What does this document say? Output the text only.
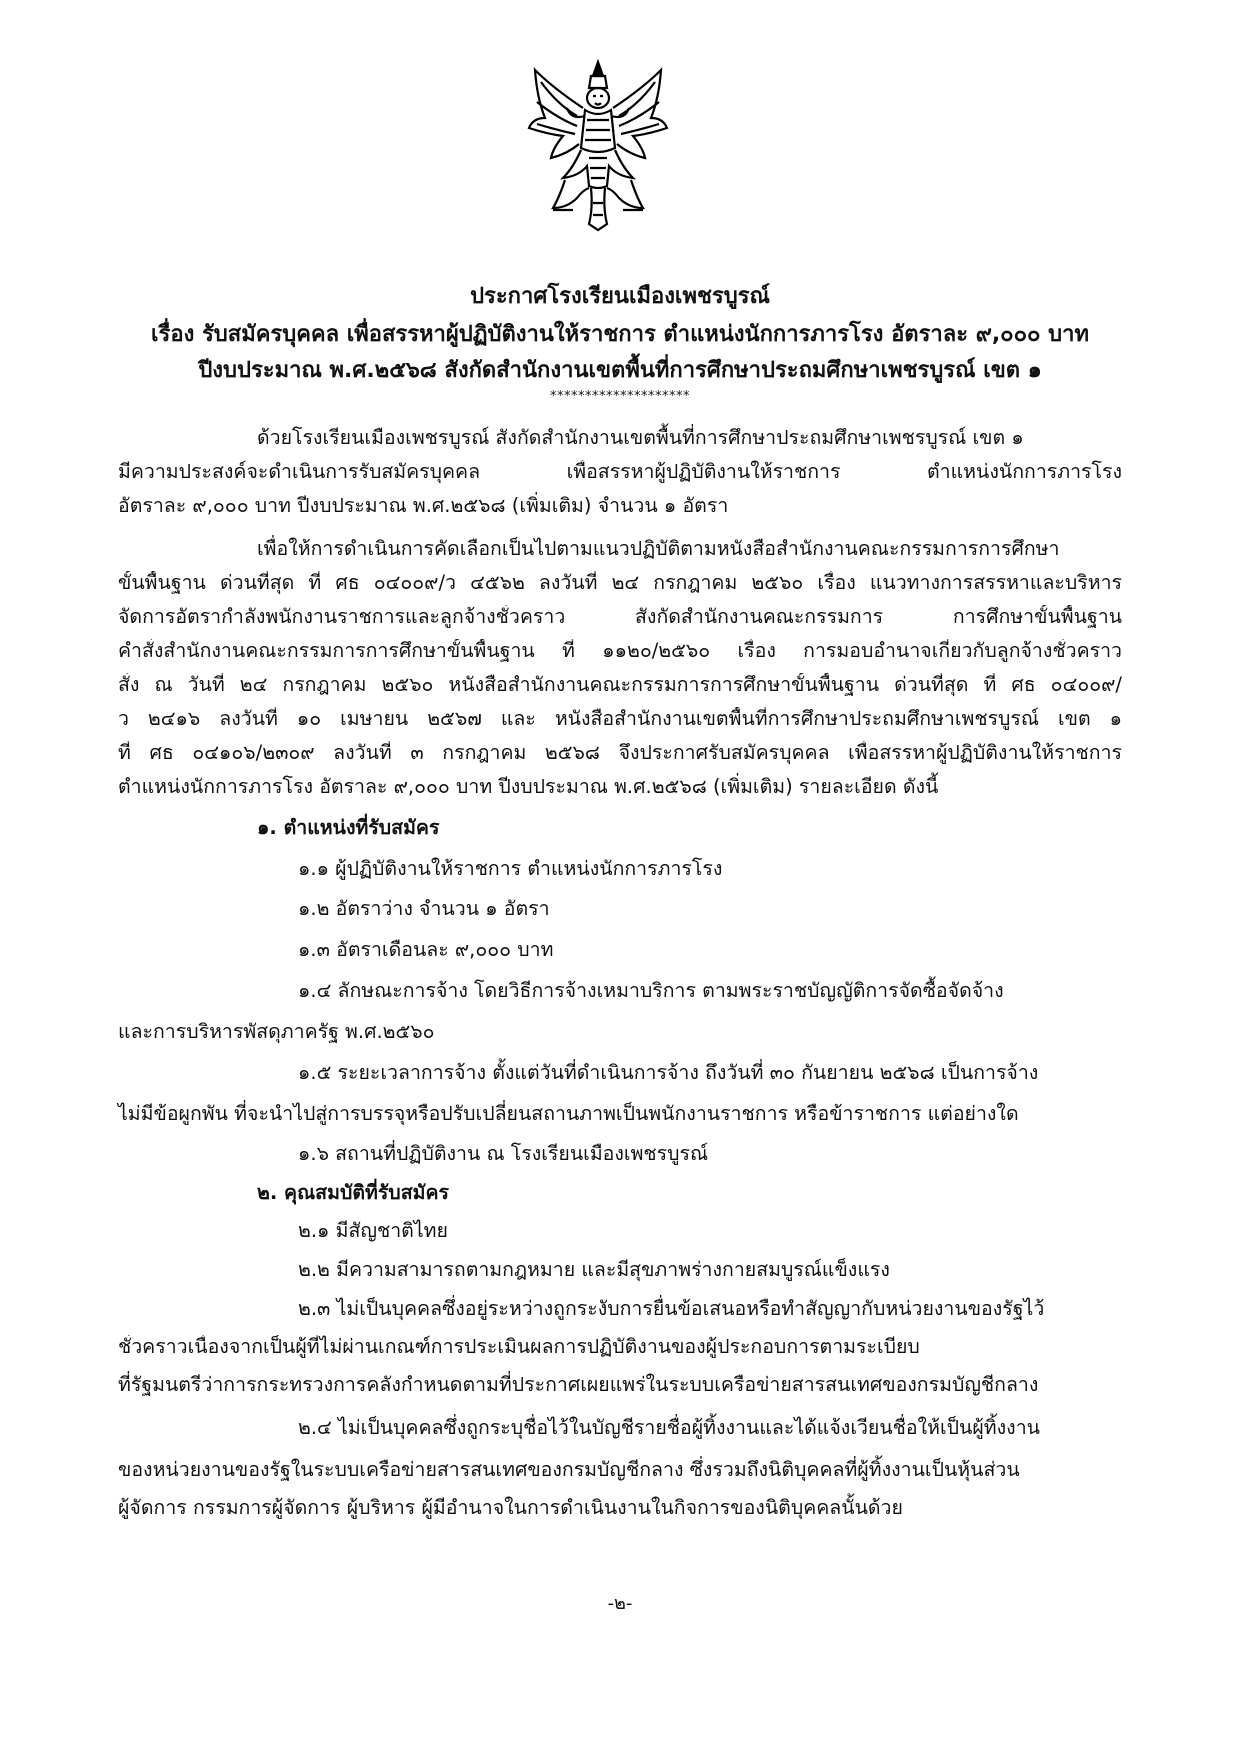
ประกาศโรงเรียนเมืองเพชรบูรณ์
เรื่อง รับสมัครบุคคล เพื่อสรรหาผู้ปฏิบัติงานให้ราชการ ตำแหน่งนักการภารโรง อัตราละ ๙,๐๐๐ บาท
ปีงบประมาณ พ.ศ.๒๕๖๘ สังกัดสำนักงานเขตพื้นที่การศึกษาประถมศึกษาเพชรบูรณ์ เขต ๑
********************
ด้วยโรงเรียนเมืองเพชรบูรณ์ สังกัดสำนักงานเขตพื้นที่การศึกษาประถมศึกษาเพชรบูรณ์ เขต ๑
มีความประสงค์จะดำเนินการรับสมัครบุคคล เพื่อสรรหาผู้ปฏิบัติงานให้ราชการ ตำแหน่งนักการภารโรง
อัตราละ ๙,๐๐๐ บาท ปีงบประมาณ พ.ศ.๒๕๖๘ (เพิ่มเติม) จำนวน ๑ อัตรา
เพื่อให้การดำเนินการคัดเลือกเป็นไปตามแนวปฏิบัติตามหนังสือสำนักงานคณะกรรมการการศึกษา
ขั้นพื้นฐาน ด่วนที่สุด ที่ ศธ ๐๔๐๐๙/ว ๔๕๖๒ ลงวันที่ ๒๔ กรกฎาคม ๒๕๖๐ เรื่อง แนวทางการสรรหาและบริหาร
จัดการอัตรากำลังพนักงานราชการและลูกจ้างชั่วคราว สังกัดสำนักงานคณะกรรมการ การศึกษาขั้นพื้นฐาน
คำสั่งสำนักงานคณะกรรมการการศึกษาขั้นพื้นฐาน ที่ ๑๑๒๐/๒๕๖๐ เรื่อง การมอบอำนาจเกี่ยวกับลูกจ้างชั่วคราว
สั่ง ณ วันที่ ๒๔ กรกฎาคม ๒๕๖๐ หนังสือสำนักงานคณะกรรมการการศึกษาขั้นพื้นฐาน ด่วนที่สุด ที่ ศธ ๐๔๐๐๙/
ว ๒๔๑๖ ลงวันที่ ๑๐ เมษายน ๒๕๖๗ และ หนังสือสำนักงานเขตพื้นที่การศึกษาประถมศึกษาเพชรบูรณ์ เขต ๑
ที่ ศธ ๐๔๑๐๖/๒๓๐๙ ลงวันที่ ๓ กรกฎาคม ๒๕๖๘ จึงประกาศรับสมัครบุคคล เพื่อสรรหาผู้ปฏิบัติงานให้ราชการ
ตำแหน่งนักการภารโรง อัตราละ ๙,๐๐๐ บาท ปีงบประมาณ พ.ศ.๒๕๖๘ (เพิ่มเติม) รายละเอียด ดังนี้
๑. ตำแหน่งที่รับสมัคร
๑.๑ ผู้ปฏิบัติงานให้ราชการ ตำแหน่งนักการภารโรง
๑.๒ อัตราว่าง จำนวน ๑ อัตรา
๑.๓ อัตราเดือนละ ๙,๐๐๐ บาท
๑.๔ ลักษณะการจ้าง โดยวิธีการจ้างเหมาบริการ ตามพระราชบัญญัติการจัดซื้อจัดจ้าง
และการบริหารพัสดุภาครัฐ พ.ศ.๒๕๖๐
๑.๕ ระยะเวลาการจ้าง ตั้งแต่วันที่ดำเนินการจ้าง ถึงวันที่ ๓๐ กันยายน ๒๕๖๘ เป็นการจ้าง
ไม่มีข้อผูกพัน ที่จะนำไปสู่การบรรจุหรือปรับเปลี่ยนสถานภาพเป็นพนักงานราชการ หรือข้าราชการ แต่อย่างใด
๑.๖ สถานที่ปฏิบัติงาน ณ โรงเรียนเมืองเพชรบูรณ์
๒. คุณสมบัติที่รับสมัคร
๒.๑ มีสัญชาติไทย
๒.๒ มีความสามารถตามกฎหมาย และมีสุขภาพร่างกายสมบูรณ์แข็งแรง
๒.๓ ไม่เป็นบุคคลซึ่งอยู่ระหว่างถูกระงับการยื่นข้อเสนอหรือทำสัญญากับหน่วยงานของรัฐไว้
ชั่วคราวเนื่องจากเป็นผู้ที่ไม่ผ่านเกณฑ์การประเมินผลการปฏิบัติงานของผู้ประกอบการตามระเบียบ
ที่รัฐมนตรีว่าการกระทรวงการคลังกำหนดตามที่ประกาศเผยแพร่ในระบบเครือข่ายสารสนเทศของกรมบัญชีกลาง
๒.๔ ไม่เป็นบุคคลซึ่งถูกระบุชื่อไว้ในบัญชีรายชื่อผู้ทิ้งงานและได้แจ้งเวียนชื่อให้เป็นผู้ทิ้งงาน
ของหน่วยงานของรัฐในระบบเครือข่ายสารสนเทศของกรมบัญชีกลาง ซึ่งรวมถึงนิติบุคคลที่ผู้ทิ้งงานเป็นหุ้นส่วน
ผู้จัดการ กรรมการผู้จัดการ ผู้บริหาร ผู้มีอำนาจในการดำเนินงานในกิจการของนิติบุคคลนั้นด้วย
-๒-
